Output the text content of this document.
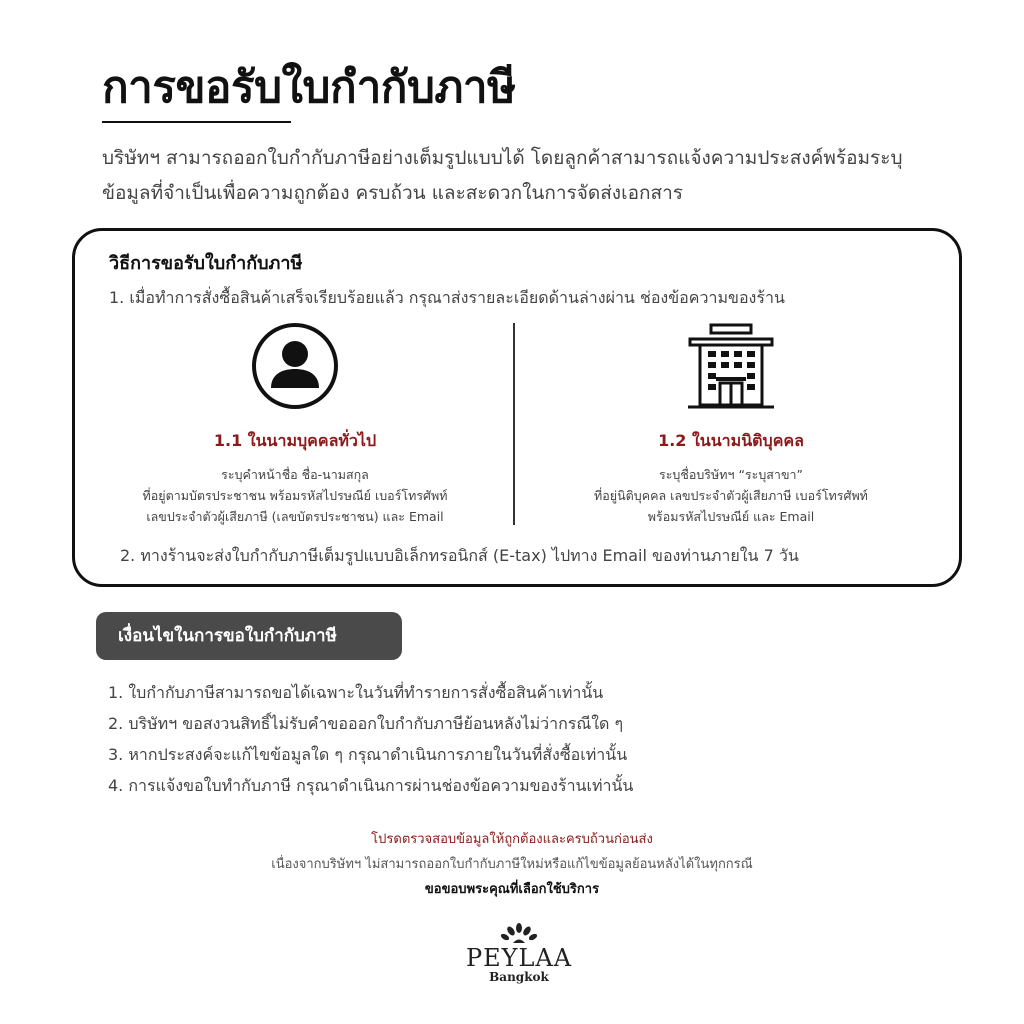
การขอรับใบกำกับภาษี

บริษัทฯ สามารถออกใบกำกับภาษีอย่างเต็มรูปแบบได้ โดยลูกค้าสามารถแจ้งความประสงค์พร้อมระบุ
ข้อมูลที่จำเป็นเพื่อความถูกต้อง ครบถ้วน และสะดวกในการจัดส่งเอกสาร

วิธีการขอรับใบกำกับภาษี
1. เมื่อทำการสั่งซื้อสินค้าเสร็จเรียบร้อยแล้ว กรุณาส่งรายละเอียดด้านล่างผ่าน ช่องข้อความของร้าน
1.1 ในนามบุคคลทั่วไป
ระบุคำหน้าชื่อ ชื่อ-นามสกุล
ที่อยู่ตามบัตรประชาชน พร้อมรหัสไปรษณีย์ เบอร์โทรศัพท์
เลขประจำตัวผู้เสียภาษี (เลขบัตรประชาชน) และ Email
1.2 ในนามนิติบุคคล
ระบุชื่อบริษัทฯ “ระบุสาขา”
ที่อยู่นิติบุคคล เลขประจำตัวผู้เสียภาษี เบอร์โทรศัพท์
พร้อมรหัสไปรษณีย์ และ Email
2. ทางร้านจะส่งใบกำกับภาษีเต็มรูปแบบอิเล็กทรอนิกส์ (E-tax) ไปทาง Email ของท่านภายใน 7 วัน
เงื่อนไขในการขอใบกำกับภาษี
1. ใบกำกับภาษีสามารถขอได้เฉพาะในวันที่ทำรายการสั่งซื้อสินค้าเท่านั้น
2. บริษัทฯ ขอสงวนสิทธิ์ไม่รับคำขอออกใบกำกับภาษีย้อนหลังไม่ว่ากรณีใด ๆ
3. หากประสงค์จะแก้ไขข้อมูลใด ๆ กรุณาดำเนินการภายในวันที่สั่งซื้อเท่านั้น
4. การแจ้งขอใบทำกับภาษี กรุณาดำเนินการผ่านช่องข้อความของร้านเท่านั้น
โปรดตรวจสอบข้อมูลให้ถูกต้องและครบถ้วนก่อนส่ง
เนื่องจากบริษัทฯ ไม่สามารถออกใบกำกับภาษีใหม่หรือแก้ไขข้อมูลย้อนหลังได้ในทุกกรณี
ขอขอบพระคุณที่เลือกใช้บริการ
PEYLAA
Bangkok
